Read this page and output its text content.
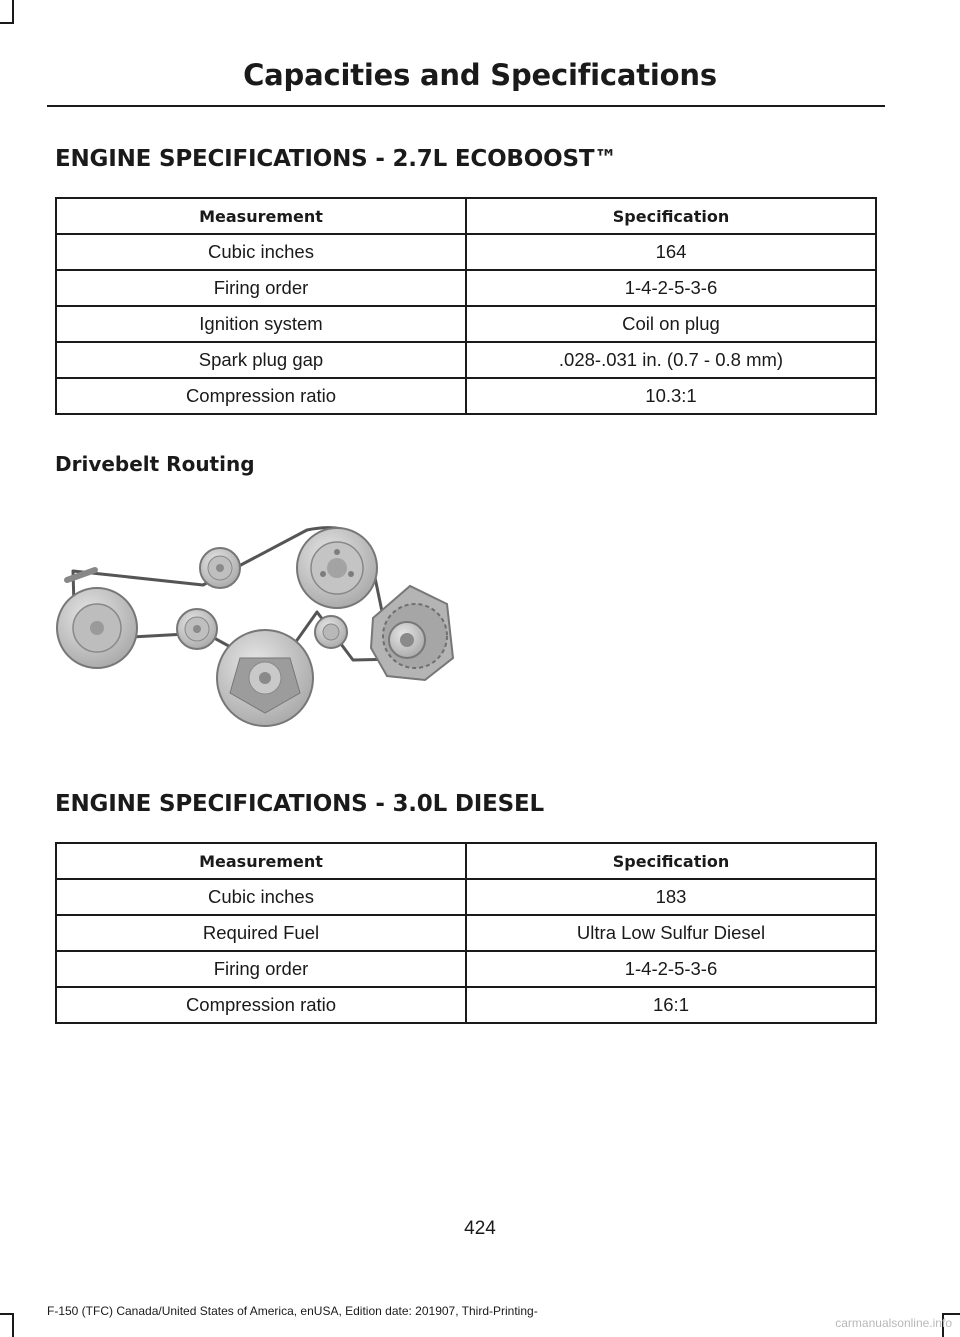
Capacities and Specifications
ENGINE SPECIFICATIONS - 2.7L ECOBOOST™
Measurement	Specification
Cubic inches	164
Firing order	1-4-2-5-3-6
Ignition system	Coil on plug
Spark plug gap	.028-.031 in. (0.7 - 0.8 mm)
Compression ratio	10.3:1
Drivebelt Routing
ENGINE SPECIFICATIONS - 3.0L DIESEL
Measurement	Specification
Cubic inches	183
Required Fuel	Ultra Low Sulfur Diesel
Firing order	1-4-2-5-3-6
Compression ratio	16:1
424
F-150 (TFC) Canada/United States of America, enUSA, Edition date: 201907, Third-Printing-
carmanualsonline.info
